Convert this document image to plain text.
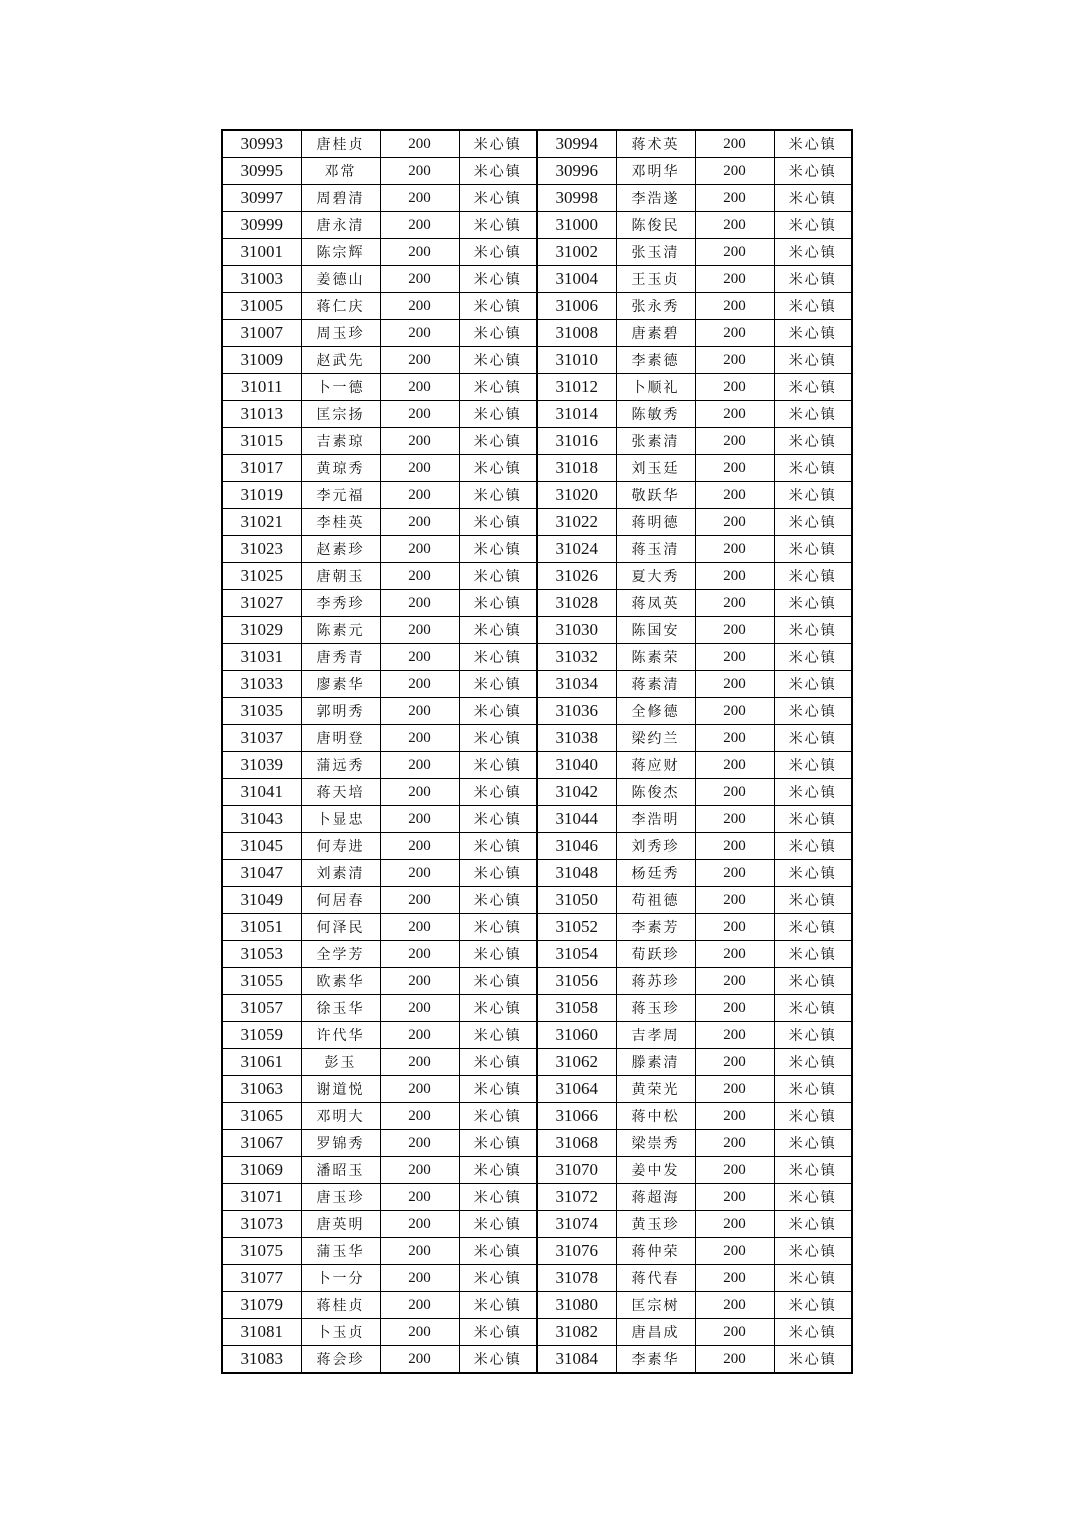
30993	唐桂贞	200	米心镇	30994	蒋术英	200	米心镇
30995	邓常	200	米心镇	30996	邓明华	200	米心镇
30997	周碧清	200	米心镇	30998	李浩遂	200	米心镇
30999	唐永清	200	米心镇	31000	陈俊民	200	米心镇
31001	陈宗辉	200	米心镇	31002	张玉清	200	米心镇
31003	姜德山	200	米心镇	31004	王玉贞	200	米心镇
31005	蒋仁庆	200	米心镇	31006	张永秀	200	米心镇
31007	周玉珍	200	米心镇	31008	唐素碧	200	米心镇
31009	赵武先	200	米心镇	31010	李素德	200	米心镇
31011	卜一德	200	米心镇	31012	卜顺礼	200	米心镇
31013	匡宗扬	200	米心镇	31014	陈敏秀	200	米心镇
31015	吉素琼	200	米心镇	31016	张素清	200	米心镇
31017	黄琼秀	200	米心镇	31018	刘玉廷	200	米心镇
31019	李元福	200	米心镇	31020	敬跃华	200	米心镇
31021	李桂英	200	米心镇	31022	蒋明德	200	米心镇
31023	赵素珍	200	米心镇	31024	蒋玉清	200	米心镇
31025	唐朝玉	200	米心镇	31026	夏大秀	200	米心镇
31027	李秀珍	200	米心镇	31028	蒋凤英	200	米心镇
31029	陈素元	200	米心镇	31030	陈国安	200	米心镇
31031	唐秀青	200	米心镇	31032	陈素荣	200	米心镇
31033	廖素华	200	米心镇	31034	蒋素清	200	米心镇
31035	郭明秀	200	米心镇	31036	全修德	200	米心镇
31037	唐明登	200	米心镇	31038	梁约兰	200	米心镇
31039	蒲远秀	200	米心镇	31040	蒋应财	200	米心镇
31041	蒋天培	200	米心镇	31042	陈俊杰	200	米心镇
31043	卜显忠	200	米心镇	31044	李浩明	200	米心镇
31045	何寿进	200	米心镇	31046	刘秀珍	200	米心镇
31047	刘素清	200	米心镇	31048	杨廷秀	200	米心镇
31049	何居春	200	米心镇	31050	苟祖德	200	米心镇
31051	何泽民	200	米心镇	31052	李素芳	200	米心镇
31053	全学芳	200	米心镇	31054	荀跃珍	200	米心镇
31055	欧素华	200	米心镇	31056	蒋苏珍	200	米心镇
31057	徐玉华	200	米心镇	31058	蒋玉珍	200	米心镇
31059	许代华	200	米心镇	31060	吉孝周	200	米心镇
31061	彭玉	200	米心镇	31062	滕素清	200	米心镇
31063	谢道悦	200	米心镇	31064	黄荣光	200	米心镇
31065	邓明大	200	米心镇	31066	蒋中松	200	米心镇
31067	罗锦秀	200	米心镇	31068	梁崇秀	200	米心镇
31069	潘昭玉	200	米心镇	31070	姜中发	200	米心镇
31071	唐玉珍	200	米心镇	31072	蒋超海	200	米心镇
31073	唐英明	200	米心镇	31074	黄玉珍	200	米心镇
31075	蒲玉华	200	米心镇	31076	蒋仲荣	200	米心镇
31077	卜一分	200	米心镇	31078	蒋代春	200	米心镇
31079	蒋桂贞	200	米心镇	31080	匡宗树	200	米心镇
31081	卜玉贞	200	米心镇	31082	唐昌成	200	米心镇
31083	蒋会珍	200	米心镇	31084	李素华	200	米心镇
